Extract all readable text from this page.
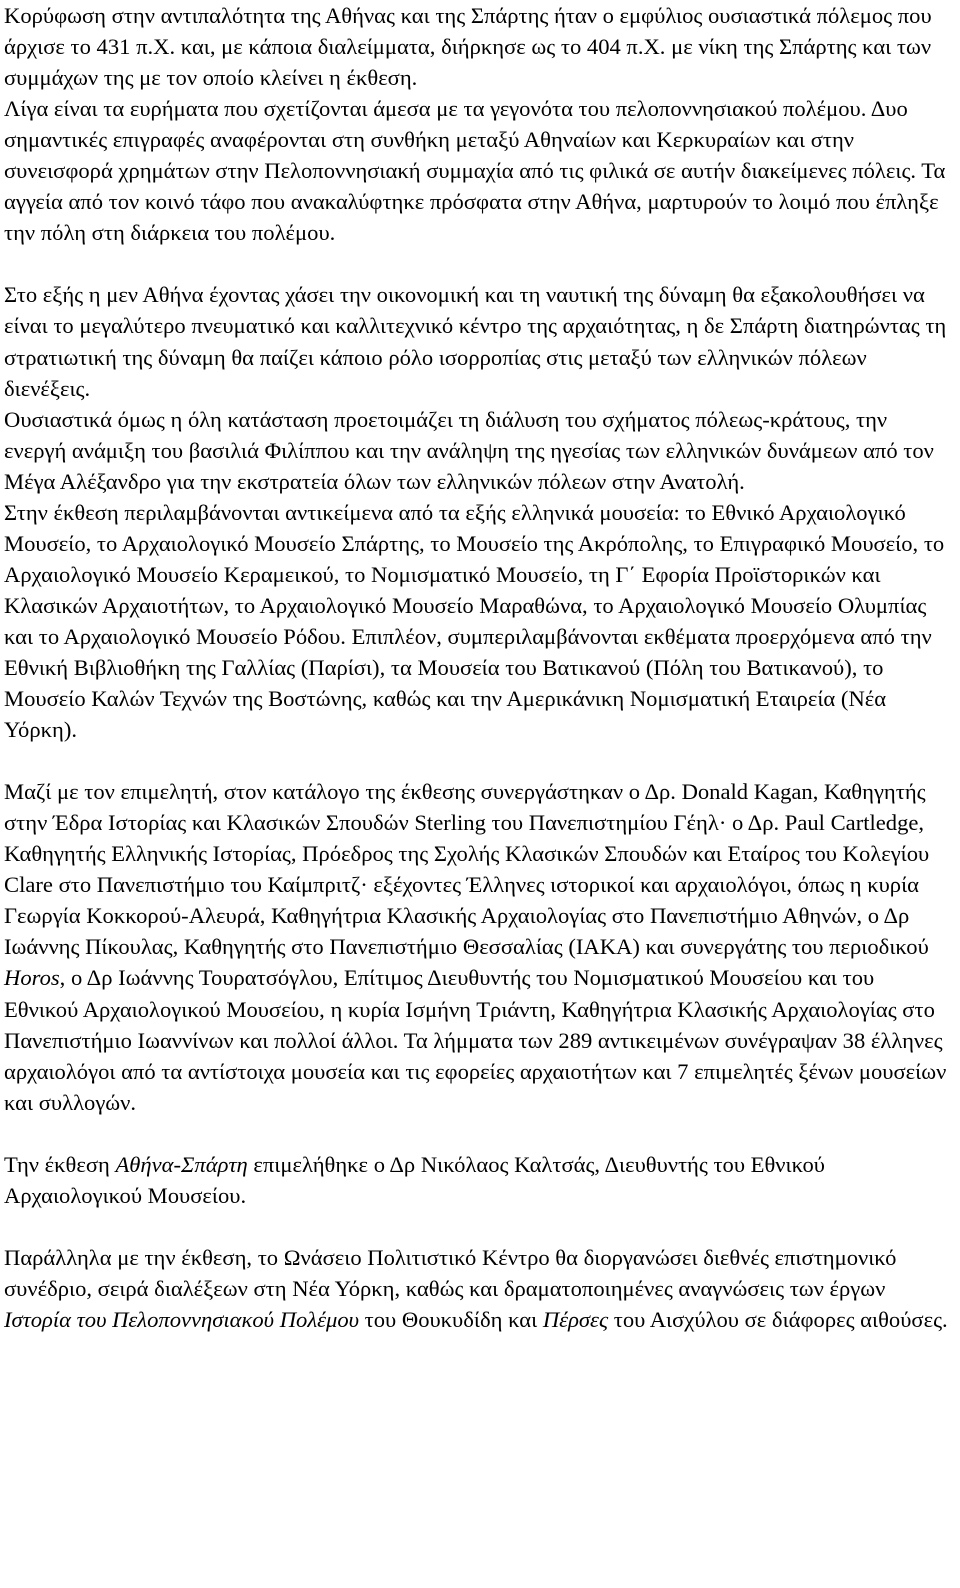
Κορύφωση στην αντιπαλότητα της Αθήνας και της Σπάρτης ήταν ο εμφύλιος ουσιαστικά πόλεμος που άρχισε το 431 π.Χ. και, με κάποια διαλείμματα, διήρκησε ως το 404 π.Χ. με νίκη της Σπάρτης και των συμμάχων της με τον οποίο κλείνει η έκθεση.

Λίγα είναι τα ευρήματα που σχετίζονται άμεσα με τα γεγονότα του πελοποννησιακού πολέμου. Δυο σημαντικές επιγραφές αναφέρονται στη συνθήκη μεταξύ Αθηναίων και Κερκυραίων και στην συνεισφορά χρημάτων στην Πελοποννησιακή συμμαχία από τις φιλικά σε αυτήν διακείμενες πόλεις. Τα αγγεία από τον κοινό τάφο που ανακαλύφτηκε πρόσφατα στην Αθήνα, μαρτυρούν το λοιμό που έπληξε την πόλη στη διάρκεια του πολέμου.

Στο εξής η μεν Αθήνα έχοντας χάσει την οικονομική και τη ναυτική της δύναμη θα εξακολουθήσει να είναι το μεγαλύτερο πνευματικό και καλλιτεχνικό κέντρο της αρχαιότητας, η δε Σπάρτη διατηρώντας τη στρατιωτική της δύναμη θα παίζει κάποιο ρόλο ισορροπίας στις μεταξύ των ελληνικών πόλεων διενέξεις.

Ουσιαστικά όμως η όλη κατάσταση προετοιμάζει τη διάλυση του σχήματος πόλεως-κράτους, την ενεργή ανάμιξη του βασιλιά Φιλίππου και την ανάληψη της ηγεσίας των ελληνικών δυνάμεων από τον Μέγα Αλέξανδρο για την εκστρατεία όλων των ελληνικών πόλεων στην Ανατολή.

Στην έκθεση περιλαμβάνονται αντικείμενα από τα εξής ελληνικά μουσεία: το Εθνικό Αρχαιολογικό Μουσείο, το Αρχαιολογικό Μουσείο Σπάρτης, το Μουσείο της Ακρόπολης, το Επιγραφικό Μουσείο, το Αρχαιολογικό Μουσείο Κεραμεικού, το Νομισματικό Μουσείο, τη Γ΄ Εφορία Προϊστορικών και Κλασικών Αρχαιοτήτων, το Αρχαιολογικό Μουσείο Μαραθώνα, το Αρχαιολογικό Μουσείο Ολυμπίας και το Αρχαιολογικό Μουσείο Ρόδου. Επιπλέον, συμπεριλαμβάνονται εκθέματα προερχόμενα από την Εθνική Βιβλιοθήκη της Γαλλίας (Παρίσι), τα Μουσεία του Βατικανού (Πόλη του Βατικανού), το Μουσείο Καλών Τεχνών της Βοστώνης, καθώς και την Αμερικάνικη Νομισματική Εταιρεία (Νέα Υόρκη).

Μαζί με τον επιμελητή, στον κατάλογο της έκθεσης συνεργάστηκαν ο Δρ. Donald Kagan, Καθηγητής στην Έδρα Ιστορίας και Κλασικών Σπουδών Sterling του Πανεπιστημίου Γέηλ· ο Δρ. Paul Cartledge, Καθηγητής Ελληνικής Ιστορίας, Πρόεδρος της Σχολής Κλασικών Σπουδών και Εταίρος του Κολεγίου Clare στο Πανεπιστήμιο του Καίμπριτζ· εξέχοντες Έλληνες ιστορικοί και αρχαιολόγοι, όπως η κυρία Γεωργία Κοκκορού-Αλευρά, Καθηγήτρια Κλασικής Αρχαιολογίας στο Πανεπιστήμιο Αθηνών, ο Δρ Ιωάννης Πίκουλας, Καθηγητής στο Πανεπιστήμιο Θεσσαλίας (ΙΑΚΑ) και συνεργάτης του περιοδικού Horos, ο Δρ Ιωάννης Τουρατσόγλου, Επίτιμος Διευθυντής του Νομισματικού Μουσείου και του Εθνικού Αρχαιολογικού Μουσείου, η κυρία Ισμήνη Τριάντη, Καθηγήτρια Κλασικής Αρχαιολογίας στο Πανεπιστήμιο Ιωαννίνων και πολλοί άλλοι. Τα λήμματα των 289 αντικειμένων συνέγραψαν 38 έλληνες αρχαιολόγοι από τα αντίστοιχα μουσεία και τις εφορείες αρχαιοτήτων και 7 επιμελητές ξένων μουσείων και συλλογών.

Την έκθεση Αθήνα-Σπάρτη επιμελήθηκε ο Δρ Νικόλαος Καλτσάς, Διευθυντής του Εθνικού Αρχαιολογικού Μουσείου.

Παράλληλα με την έκθεση, το Ωνάσειο Πολιτιστικό Κέντρο θα διοργανώσει διεθνές επιστημονικό συνέδριο, σειρά διαλέξεων στη Νέα Υόρκη, καθώς και δραματοποιημένες αναγνώσεις των έργων Ιστορία του Πελοποννησιακού Πολέμου του Θουκυδίδη και Πέρσες του Αισχύλου σε διάφορες αιθούσες.
